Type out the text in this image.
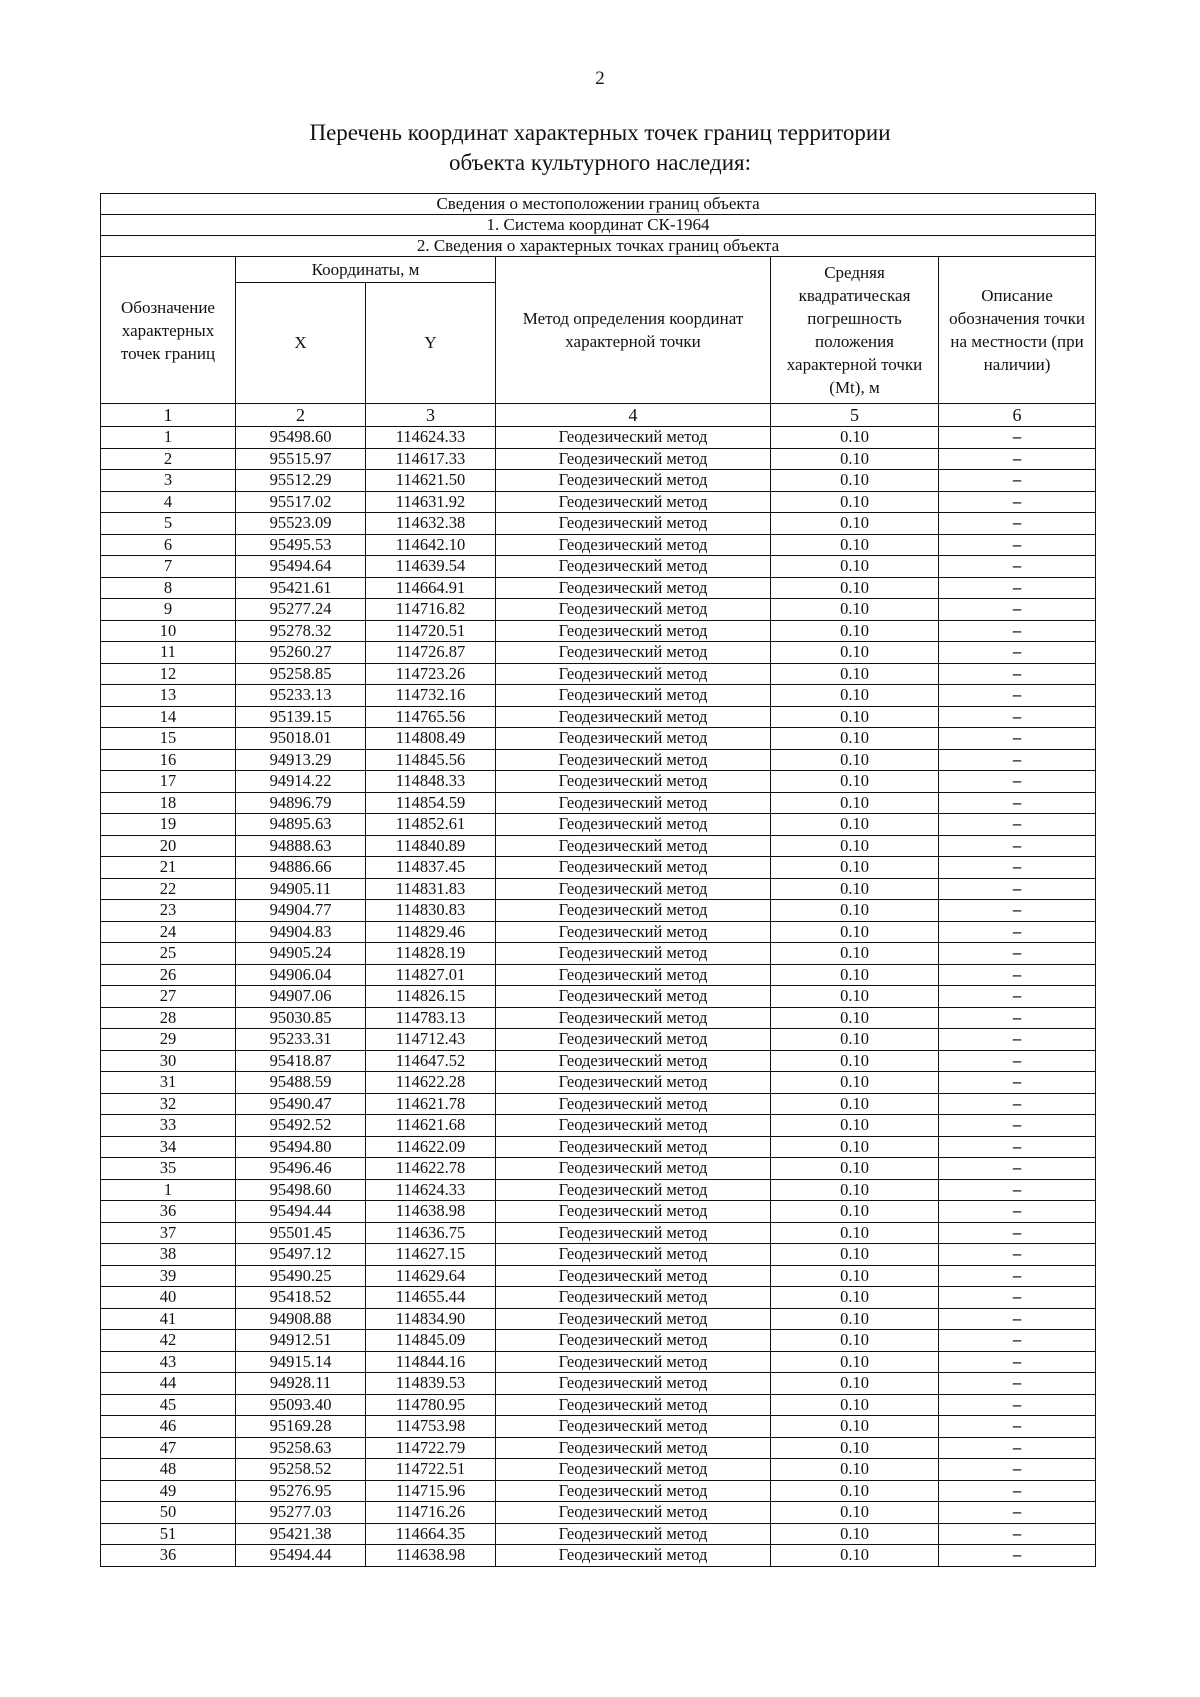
2
Перечень координат характерных точек границ территории
объекта культурного наследия:
Сведения о местоположении границ объекта					
1. Система координат СК-1964					
2. Сведения о характерных точках границ объекта					
Обозначение характерных точек границ	Координаты, м		Метод определения координат характерной точки	Средняя квадратическая погрешность положения характерной точки (Mt), м	Описание обозначения точки на местности (при наличии)
	X	Y			
1	2	3	4	5	6
1	95498.60	114624.33	Геодезический метод	0.10	–
2	95515.97	114617.33	Геодезический метод	0.10	–
3	95512.29	114621.50	Геодезический метод	0.10	–
4	95517.02	114631.92	Геодезический метод	0.10	–
5	95523.09	114632.38	Геодезический метод	0.10	–
6	95495.53	114642.10	Геодезический метод	0.10	–
7	95494.64	114639.54	Геодезический метод	0.10	–
8	95421.61	114664.91	Геодезический метод	0.10	–
9	95277.24	114716.82	Геодезический метод	0.10	–
10	95278.32	114720.51	Геодезический метод	0.10	–
11	95260.27	114726.87	Геодезический метод	0.10	–
12	95258.85	114723.26	Геодезический метод	0.10	–
13	95233.13	114732.16	Геодезический метод	0.10	–
14	95139.15	114765.56	Геодезический метод	0.10	–
15	95018.01	114808.49	Геодезический метод	0.10	–
16	94913.29	114845.56	Геодезический метод	0.10	–
17	94914.22	114848.33	Геодезический метод	0.10	–
18	94896.79	114854.59	Геодезический метод	0.10	–
19	94895.63	114852.61	Геодезический метод	0.10	–
20	94888.63	114840.89	Геодезический метод	0.10	–
21	94886.66	114837.45	Геодезический метод	0.10	–
22	94905.11	114831.83	Геодезический метод	0.10	–
23	94904.77	114830.83	Геодезический метод	0.10	–
24	94904.83	114829.46	Геодезический метод	0.10	–
25	94905.24	114828.19	Геодезический метод	0.10	–
26	94906.04	114827.01	Геодезический метод	0.10	–
27	94907.06	114826.15	Геодезический метод	0.10	–
28	95030.85	114783.13	Геодезический метод	0.10	–
29	95233.31	114712.43	Геодезический метод	0.10	–
30	95418.87	114647.52	Геодезический метод	0.10	–
31	95488.59	114622.28	Геодезический метод	0.10	–
32	95490.47	114621.78	Геодезический метод	0.10	–
33	95492.52	114621.68	Геодезический метод	0.10	–
34	95494.80	114622.09	Геодезический метод	0.10	–
35	95496.46	114622.78	Геодезический метод	0.10	–
1	95498.60	114624.33	Геодезический метод	0.10	–
36	95494.44	114638.98	Геодезический метод	0.10	–
37	95501.45	114636.75	Геодезический метод	0.10	–
38	95497.12	114627.15	Геодезический метод	0.10	–
39	95490.25	114629.64	Геодезический метод	0.10	–
40	95418.52	114655.44	Геодезический метод	0.10	–
41	94908.88	114834.90	Геодезический метод	0.10	–
42	94912.51	114845.09	Геодезический метод	0.10	–
43	94915.14	114844.16	Геодезический метод	0.10	–
44	94928.11	114839.53	Геодезический метод	0.10	–
45	95093.40	114780.95	Геодезический метод	0.10	–
46	95169.28	114753.98	Геодезический метод	0.10	–
47	95258.63	114722.79	Геодезический метод	0.10	–
48	95258.52	114722.51	Геодезический метод	0.10	–
49	95276.95	114715.96	Геодезический метод	0.10	–
50	95277.03	114716.26	Геодезический метод	0.10	–
51	95421.38	114664.35	Геодезический метод	0.10	–
36	95494.44	114638.98	Геодезический метод	0.10	–
